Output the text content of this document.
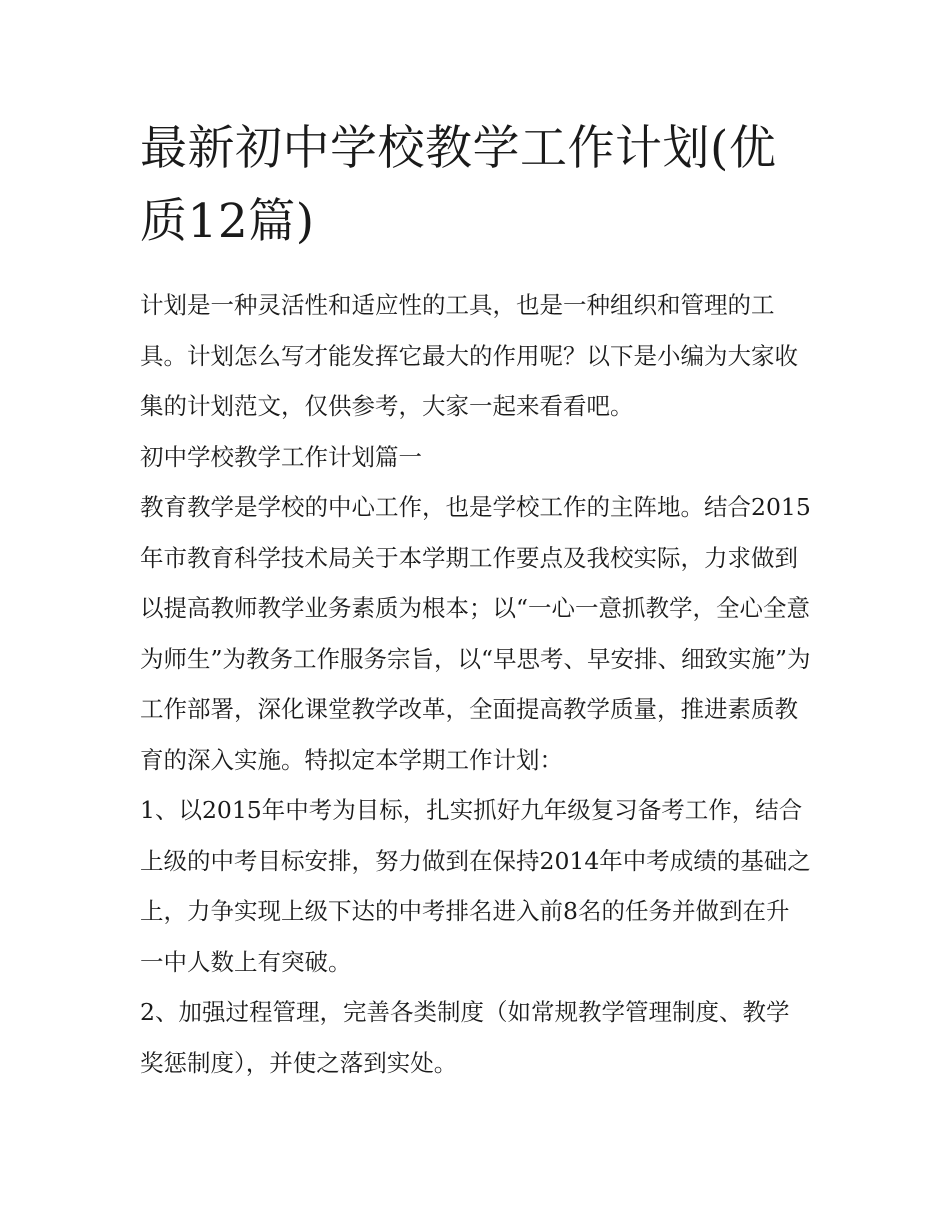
最新初中学校教学工作计划(优质12篇)

计划是一种灵活性和适应性的工具，也是一种组织和管理的工具。计划怎么写才能发挥它最大的作用呢？以下是小编为大家收集的计划范文，仅供参考，大家一起来看看吧。

初中学校教学工作计划篇一

教育教学是学校的中心工作，也是学校工作的主阵地。结合2015年市教育科学技术局关于本学期工作要点及我校实际，力求做到以提高教师教学业务素质为根本；以“一心一意抓教学，全心全意为师生”为教务工作服务宗旨，以“早思考、早安排、细致实施”为工作部署，深化课堂教学改革，全面提高教学质量，推进素质教育的深入实施。特拟定本学期工作计划：

1、以2015年中考为目标，扎实抓好九年级复习备考工作，结合上级的中考目标安排，努力做到在保持2014年中考成绩的基础之上，力争实现上级下达的中考排名进入前8名的任务并做到在升一中人数上有突破。

2、加强过程管理，完善各类制度（如常规教学管理制度、教学奖惩制度），并使之落到实处。
